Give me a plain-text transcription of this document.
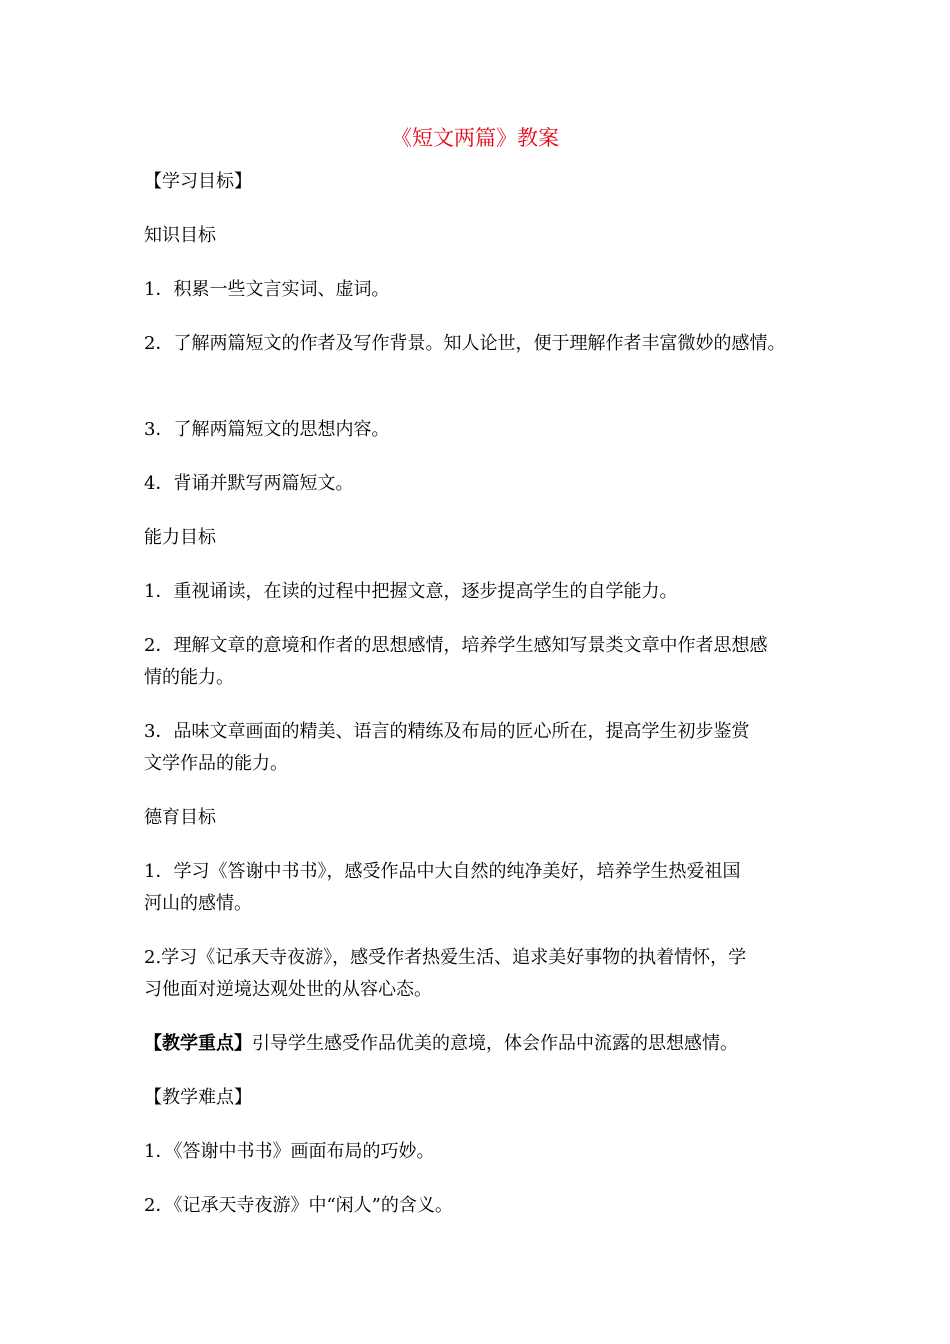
《短文两篇》教案
【学习目标】
知识目标
1．积累一些文言实词、虚词。
2．了解两篇短文的作者及写作背景。知人论世，便于理解作者丰富微妙的感情。
3．了解两篇短文的思想内容。
4．背诵并默写两篇短文。
能力目标
1．重视诵读，在读的过程中把握文意，逐步提高学生的自学能力。
2．理解文章的意境和作者的思想感情，培养学生感知写景类文章中作者思想感
情的能力。
3．品味文章画面的精美、语言的精练及布局的匠心所在，提高学生初步鉴赏
文学作品的能力。
德育目标
1．学习《答谢中书书》，感受作品中大自然的纯净美好，培养学生热爱祖国
河山的感情。
2.学习《记承天寺夜游》，感受作者热爱生活、追求美好事物的执着情怀，学
习他面对逆境达观处世的从容心态。
【教学重点】引导学生感受作品优美的意境，体会作品中流露的思想感情。
【教学难点】
1．《答谢中书书》画面布局的巧妙。
2．《记承天寺夜游》中“闲人”的含义。
